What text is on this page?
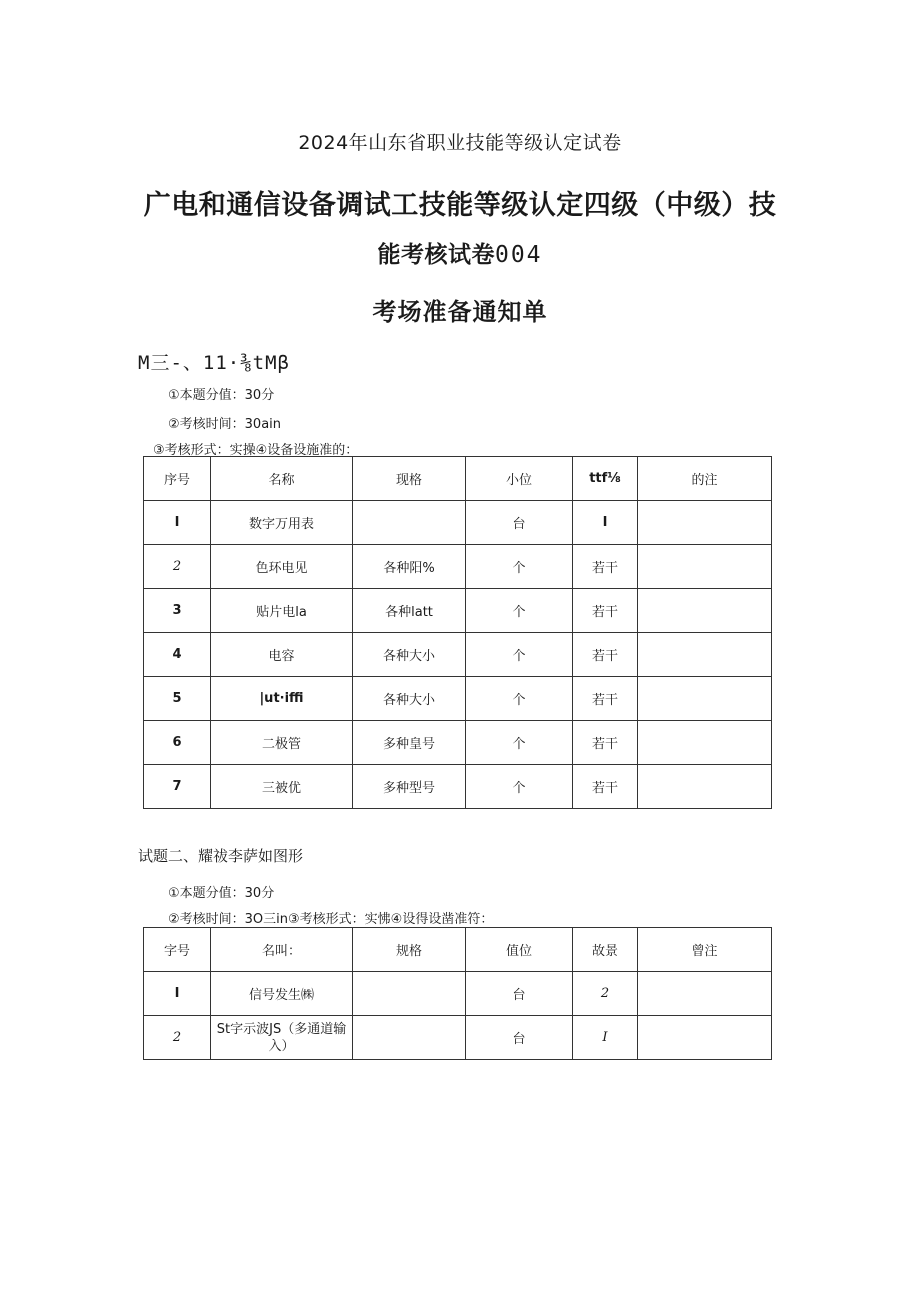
2024年山东省职业技能等级认定试卷
广电和通信设备调试工技能等级认定四级（中级）技
能考核试卷004
考场准备通知单
M三-、11·⅜tMβ
①本题分值：30分
②考核时间：30ain
③考核形式：实操④设备设施准的：
序号	名称	现格	小位	ttf⅛	的注
I	数字万用表		台	I	
2	色环电见	各种阳%	个	若干	
3	贴片电la	各种latt	个	若干	
4	电容	各种大小	个	若干	
5	|ut·iffi	各种大小	个	若干	
6	二极管	多种皇号	个	若干	
7	三被优	多种型号	个	若干	
试题二、耀祓李萨如图形
①本题分值：30分
②考核时间：3O三in③考核形式：实怫④设得设凿准符：
字号	名叫：	规格	值位	故景	曾注
I	信号发生㈱		台	2	
2	St字示波JS（多通道输入）		台	I	
